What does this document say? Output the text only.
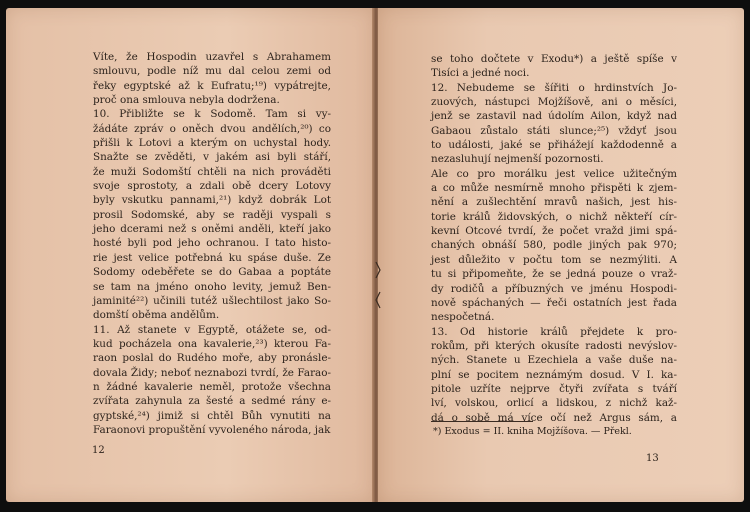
Víte, že Hospodin uzavřel s Abrahamem
smlouvu, podle níž mu dal celou zemi od
řeky egyptské až k Eufratu;¹⁹) vypátrejte,
proč ona smlouva nebyla dodržena.
10. Přibližte se k Sodomě. Tam si vy-
žádáte zpráv o oněch dvou andělích,²⁰) co
přišli k Lotovi a kterým on uchystal hody.
Snažte se zvěděti, v jakém asi byli stáří,
že muži Sodomští chtěli na nich prováděti
svoje sprostoty, a zdali obě dcery Lotovy
byly vskutku pannami,²¹) když dobrák Lot
prosil Sodomské, aby se raději vyspali s
jeho dcerami než s oněmi anděli, kteří jako
hosté byli pod jeho ochranou. I tato histo-
rie jest velice potřebná ku spáse duše. Ze
Sodomy odeběřete se do Gabaa a poptáte
se tam na jméno onoho levity, jemuž Ben-
jaminité²²) učinili tutéž ušlechtilost jako So-
domští oběma andělům.
11. Až stanete v Egyptě, otážete se, od-
kud pocházela ona kavalerie,²³) kterou Fa-
raon poslal do Rudého moře, aby pronásle-
dovala Židy; neboť neznabozi tvrdí, že Farao-
n žádné kavalerie neměl, protože všechna
zvířata zahynula za šesté a sedmé rány e-
gyptské,²⁴) jimiž si chtěl Bůh vynutiti na
Faraonovi propuštění vyvoleného národa, jak
12
se toho dočtete v Exodu*) a ještě spíše v
Tisíci a jedné noci.
12. Nebudeme se šířiti o hrdinstvích Jo-
zuových, nástupci Mojžíšově, ani o měsíci,
jenž se zastavil nad údolím Ailon, když nad
Gabaou zůstalo státi slunce;²⁵) vždyť jsou
to události, jaké se přihážejí každodenně a
nezasluhují nejmenší pozornosti.
Ale co pro morálku jest velice užitečným
a co může nesmírně mnoho přispěti k zjem-
nění a zušlechtění mravů našich, jest his-
torie králů židovských, o nichž někteří cír-
kevní Otcové tvrdí, že počet vražd jimi spá-
chaných obnáší 580, podle jiných pak 970;
jest důležito v počtu tom se nezmýliti. A
tu si připomeňte, že se jedná pouze o vraž-
dy rodičů a příbuzných ve jménu Hospodi-
nově spáchaných — řeči ostatních jest řada
nespočetná.
13. Od historie králů přejdete k pro-
rokům, při kterých okusíte radosti nevýslov-
ných. Stanete u Ezechiela a vaše duše na-
plní se pocitem neznámým dosud. V I. ka-
pitole uzříte nejprve čtyři zvířata s tváří
lví, volskou, orlicí a lidskou, z nichž kaž-
dá o sobě má více očí než Argus sám, a
*) Exodus = II. kniha Mojžíšova. — Překl.
13
